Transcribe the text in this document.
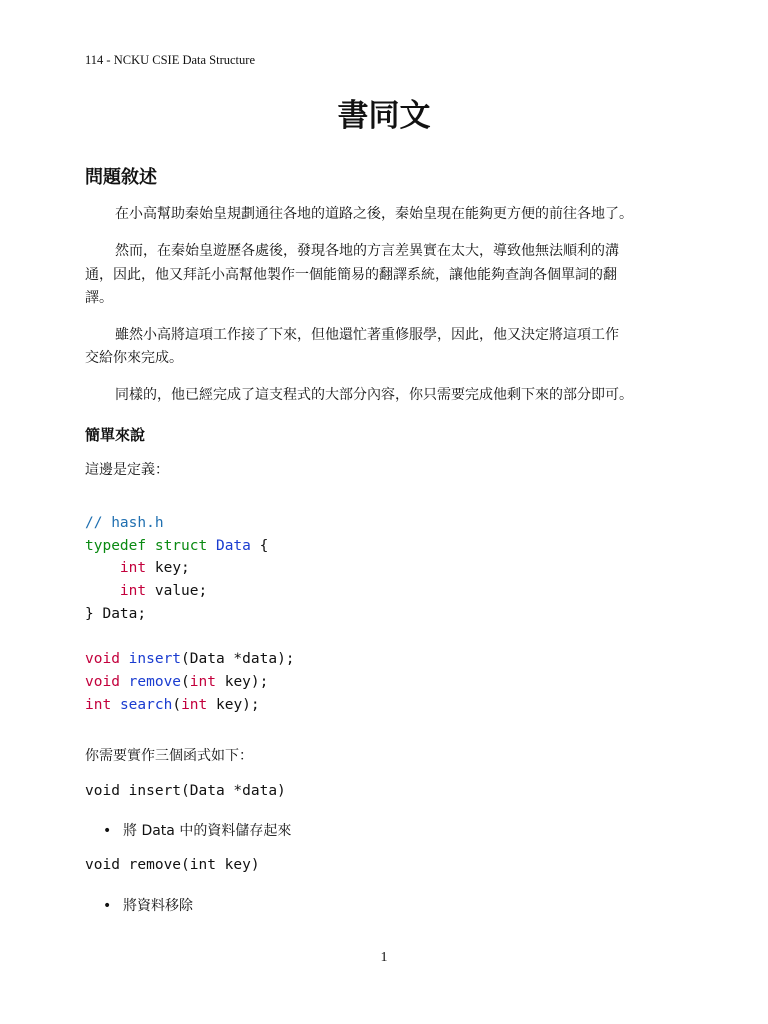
114 - NCKU CSIE Data Structure
書同文
問題敘述
在小高幫助秦始皇規劃通往各地的道路之後，秦始皇現在能夠更方便的前往各地了。
然而，在秦始皇遊歷各處後，發現各地的方言差異實在太大，導致他無法順利的溝
通，因此，他又拜託小高幫他製作一個能簡易的翻譯系統，讓他能夠查詢各個單詞的翻
譯。
雖然小高將這項工作接了下來，但他還忙著重修服學，因此，他又決定將這項工作
交給你來完成。
同樣的，他已經完成了這支程式的大部分內容，你只需要完成他剩下來的部分即可。
簡單來說
這邊是定義：
// hash.h
typedef struct Data {
int key;
int value;
} Data;

void insert(Data *data);
void remove(int key);
int search(int key);
你需要實作三個函式如下：
void insert(Data *data)
• 將 Data 中的資料儲存起來
void remove(int key)
• 將資料移除
1
